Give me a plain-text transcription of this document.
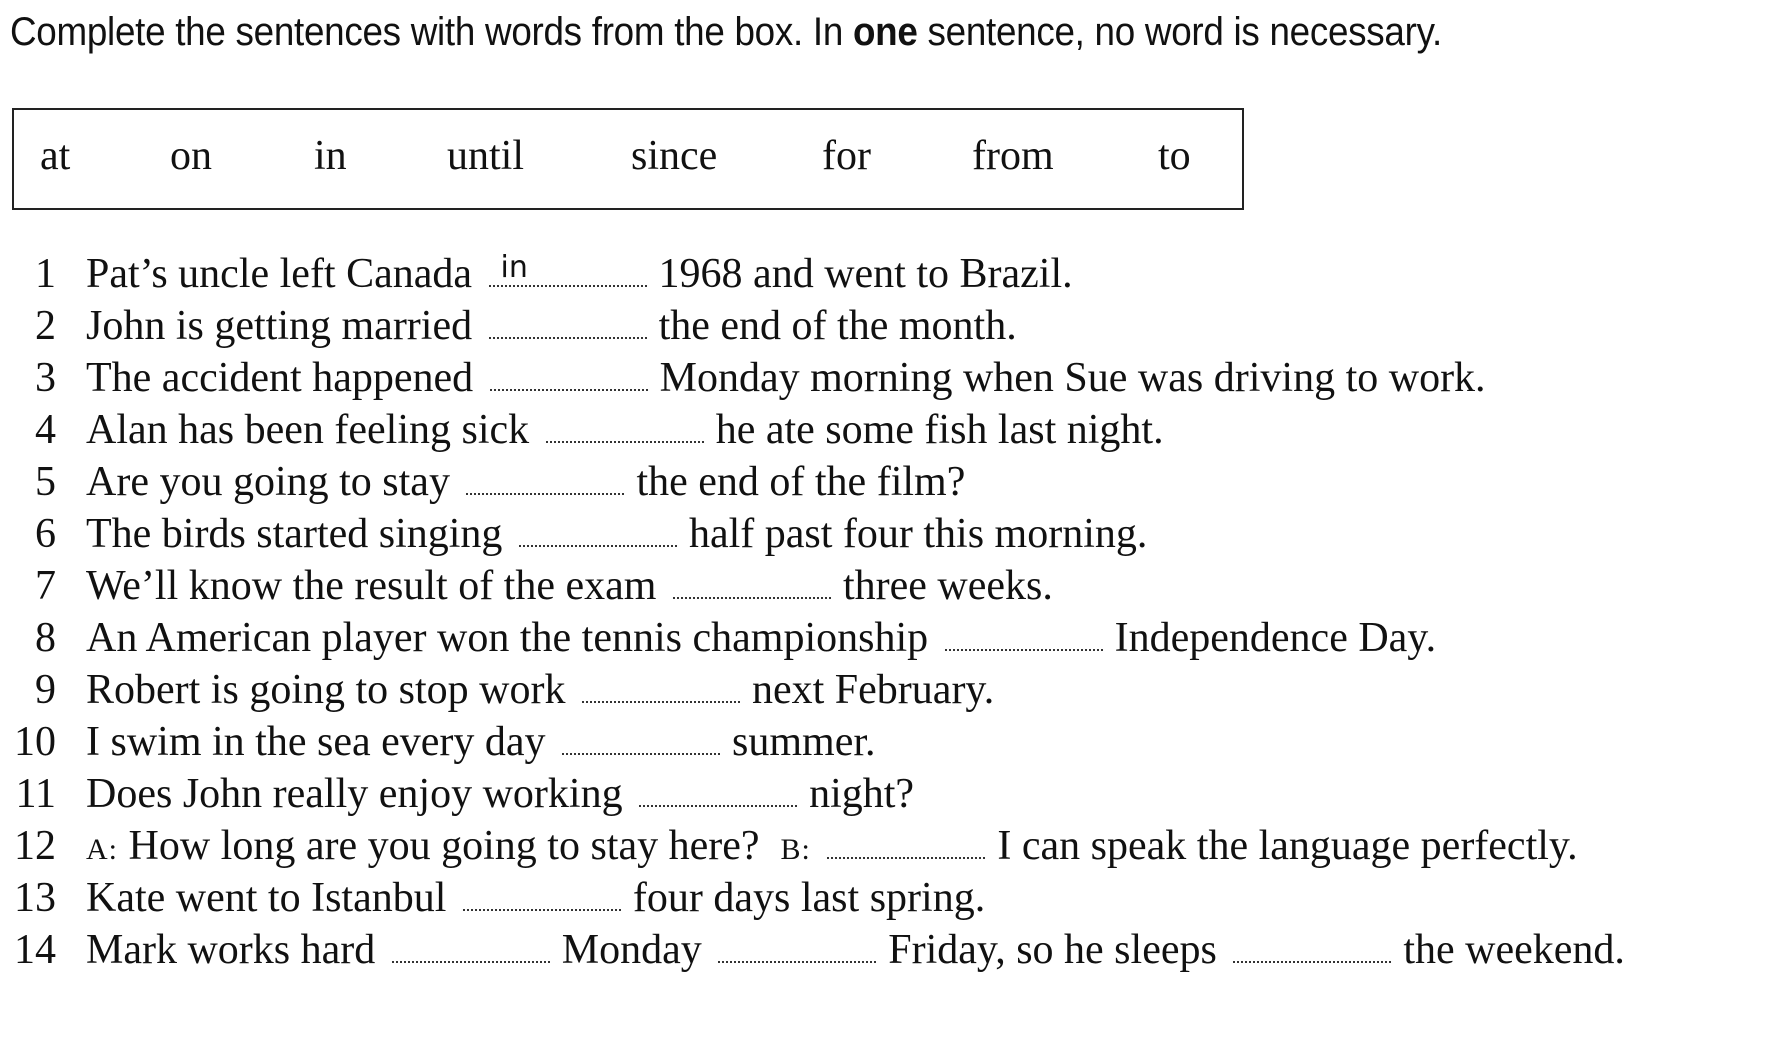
Complete the sentences with words from the box. In one sentence, no word is necessary.
at on in until	since for from to
1 Pat’s uncle left Canada in	1968 and went to Brazil.
2 John is getting married	the end of the month.
3 The accident happened	Monday morning when Sue was driving to work.
4 Alan has been feeling sick	he ate some fish last night.
5 Are you going to stay	the end of the film?
6 The birds started singing	half past four this morning.
7 We’ll know the result of the exam	three weeks.
8 An American player won the tennis championship	Independence Day.
9 Robert is going to stop work	next February.
10 I swim in the sea every day	summer.
11 Does John really enjoy working	night?
12 A: How long are you going to stay here? B:	I can speak the language perfectly.
13 Kate went to Istanbul	four days last spring.
14 Mark works hard	Monday	Friday, so he sleeps	the weekend.
